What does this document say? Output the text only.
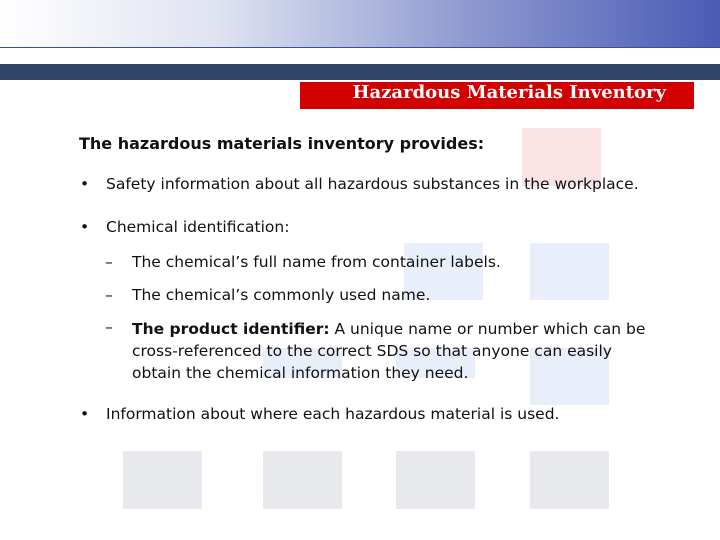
Hazardous Materials Inventory
The hazardous materials inventory provides:
• Safety information about all hazardous substances in the workplace.
• Chemical identification:
– The chemical’s full name from container labels.
– The chemical’s commonly used name.
– The product identifier: A unique name or number which can be cross-referenced to the correct SDS so that anyone can easily obtain the chemical information they need.
• Information about where each hazardous material is used.
